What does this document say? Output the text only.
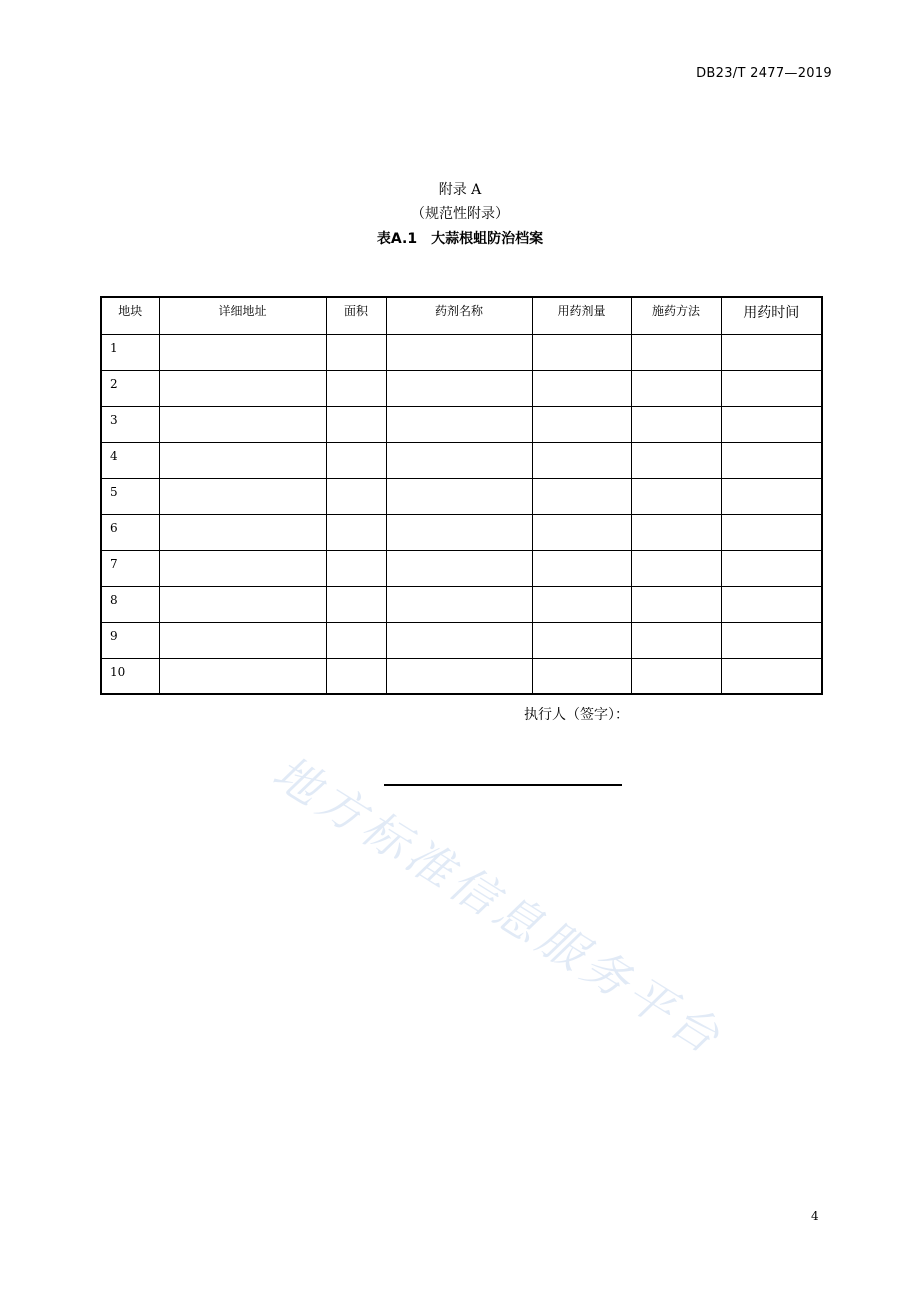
DB23/T 2477—2019
附录 A
（规范性附录）
表A.1　大蒜根蛆防治档案
地块	详细地址	面积	药剂名称	用药剂量	施药方法	用药时间
1						
2						
3						
4						
5						
6						
7						
8						
9						
10						
执行人（签字）：
地方标准信息服务平台
4
